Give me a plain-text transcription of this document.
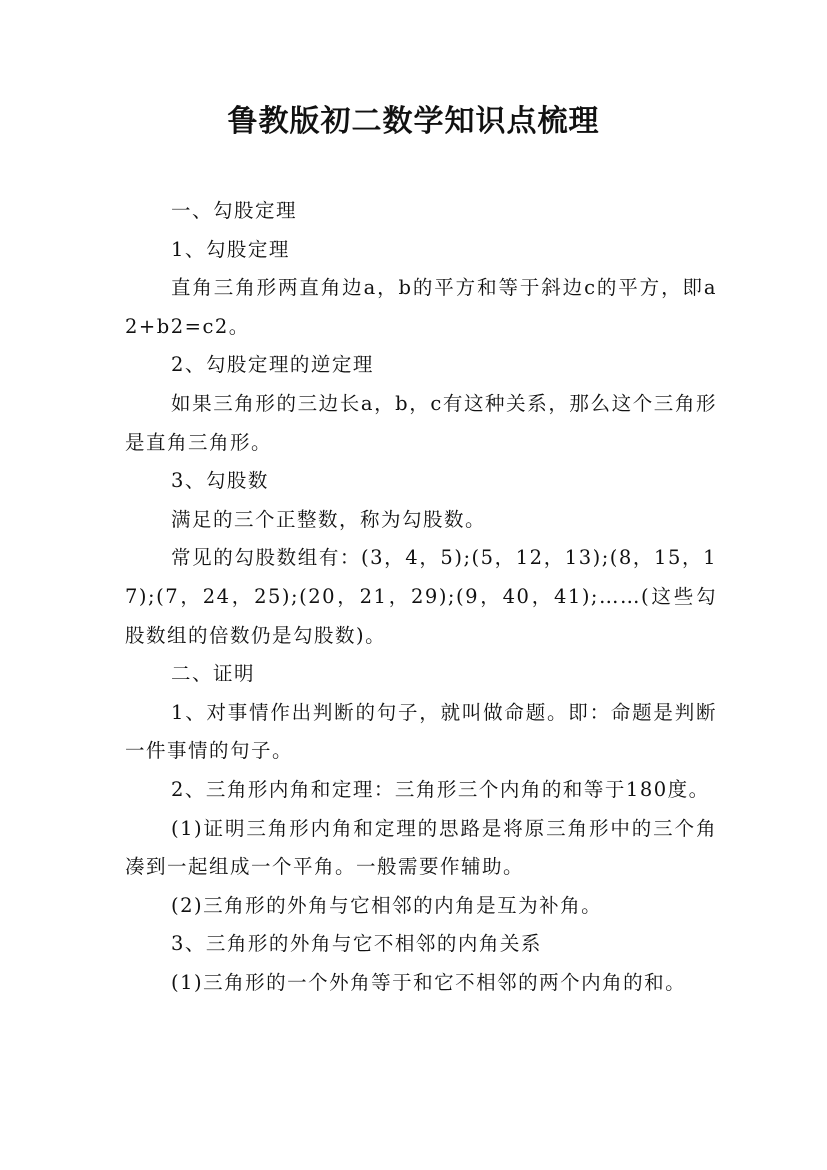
鲁教版初二数学知识点梳理

一、勾股定理

1、勾股定理

直角三角形两直角边a，b的平方和等于斜边c的平方，即a2+b2=c2。

2、勾股定理的逆定理

如果三角形的三边长a，b，c有这种关系，那么这个三角形是直角三角形。

3、勾股数

满足的三个正整数，称为勾股数。

常见的勾股数组有：(3，4，5);(5，12，13);(8，15，17);(7，24，25);(20，21，29);(9，40，41);……(这些勾股数组的倍数仍是勾股数)。

二、证明

1、对事情作出判断的句子，就叫做命题。即：命题是判断一件事情的句子。

2、三角形内角和定理：三角形三个内角的和等于180度。

(1)证明三角形内角和定理的思路是将原三角形中的三个角凑到一起组成一个平角。一般需要作辅助。

(2)三角形的外角与它相邻的内角是互为补角。

3、三角形的外角与它不相邻的内角关系

(1)三角形的一个外角等于和它不相邻的两个内角的和。
